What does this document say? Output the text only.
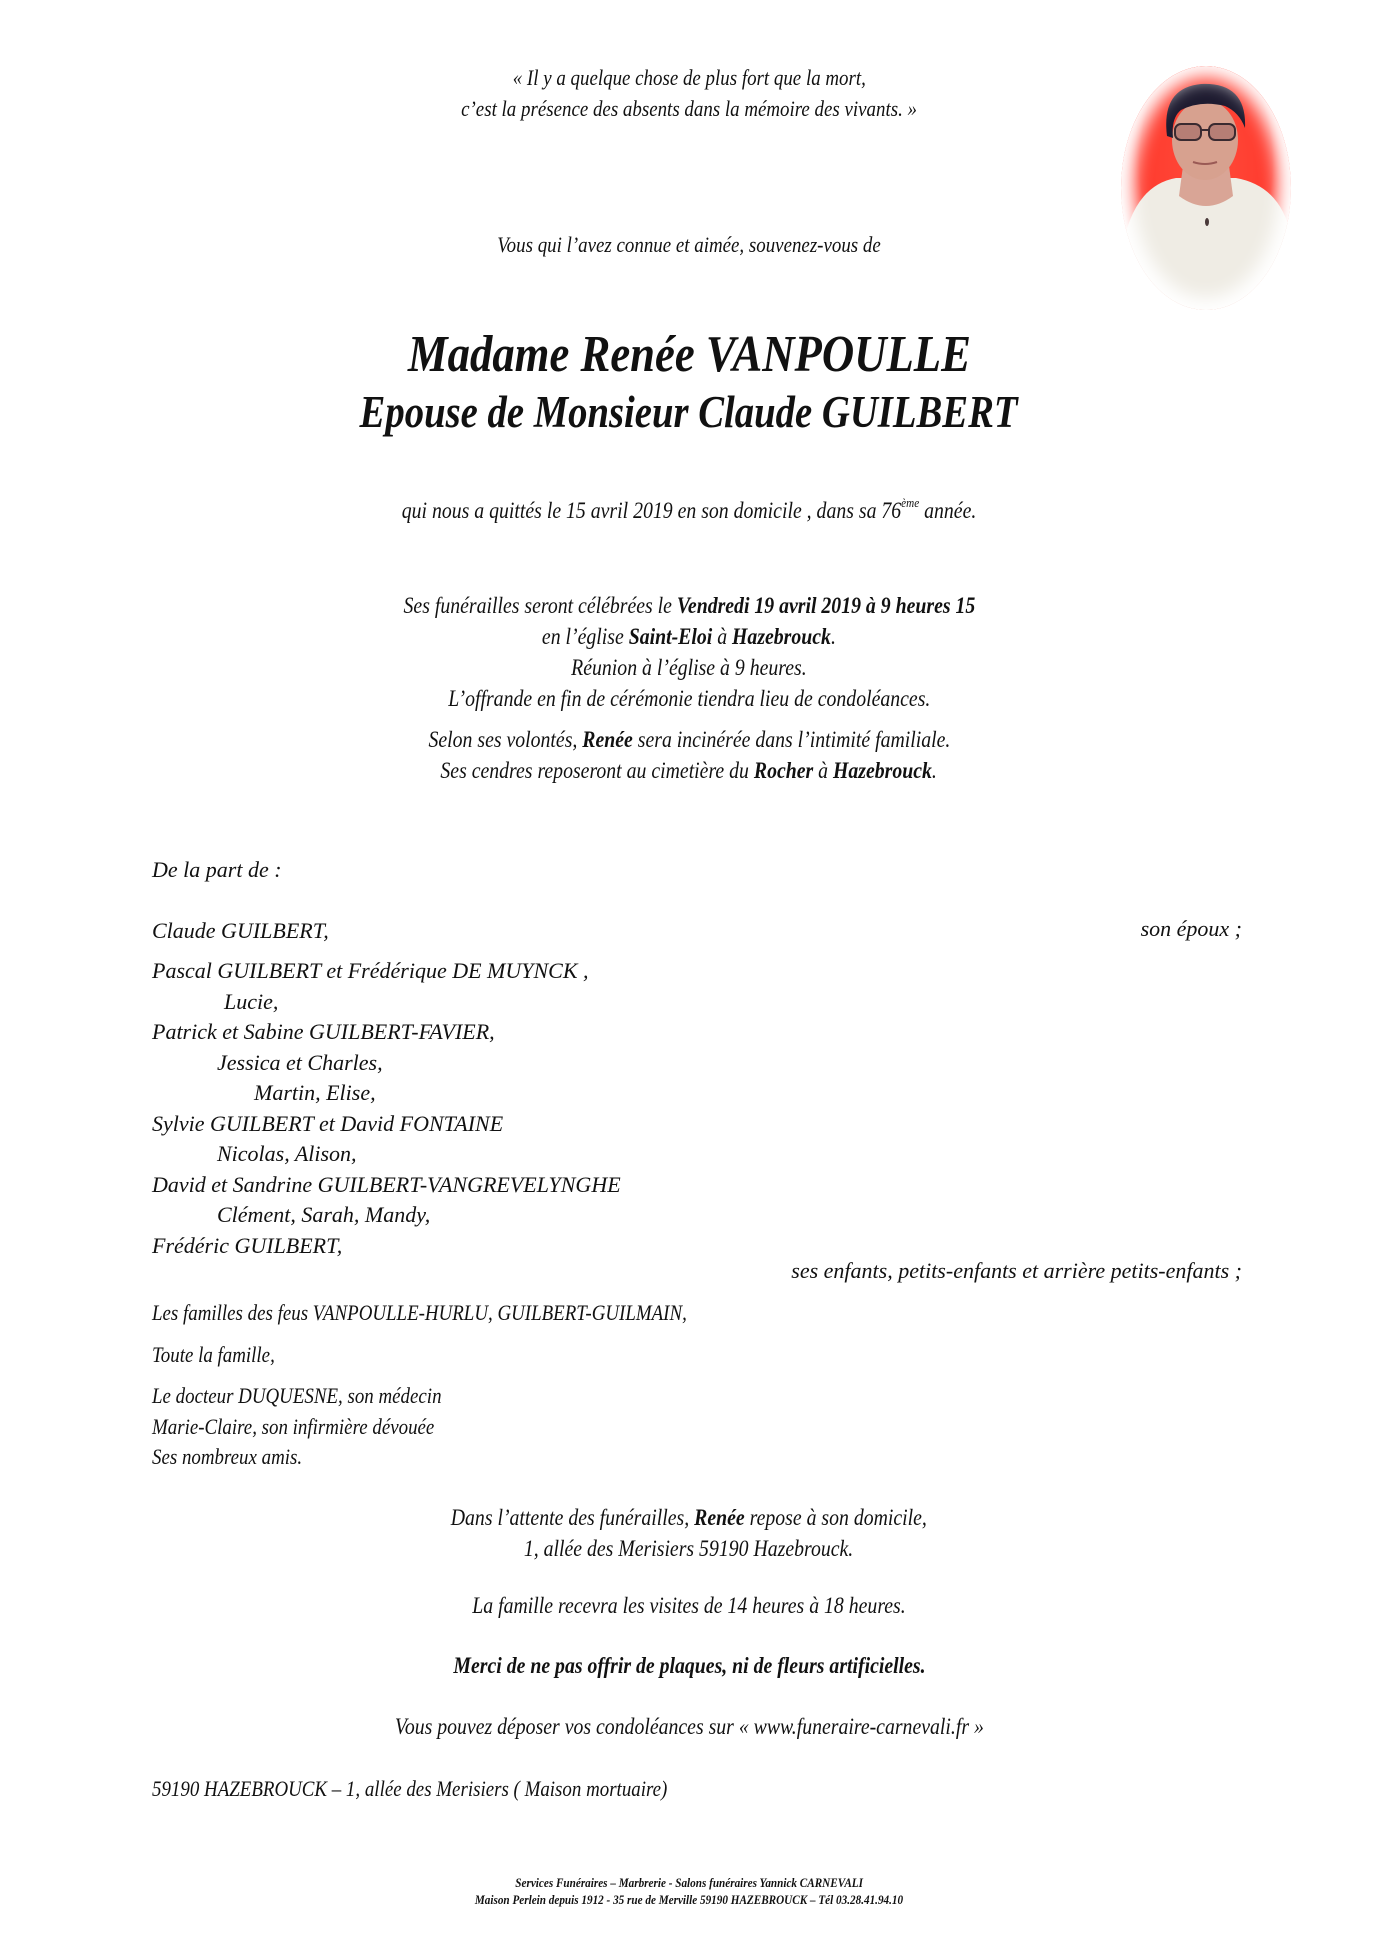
« Il y a quelque chose de plus fort que la mort,
c’est la présence des absents dans la mémoire des vivants. »
Vous qui l’avez connue et aimée, souvenez-vous de
Madame Renée VANPOULLE
Epouse de Monsieur Claude GUILBERT
qui nous a quittés le 15 avril 2019 en son domicile , dans sa 76ème année.
Ses funérailles seront célébrées le Vendredi 19 avril 2019 à 9 heures 15
en l’église Saint-Eloi à Hazebrouck.
Réunion à l’église à 9 heures.
L’offrande en fin de cérémonie tiendra lieu de condoléances.
Selon ses volontés, Renée sera incinérée dans l’intimité familiale.
Ses cendres reposeront au cimetière du Rocher à Hazebrouck.
De la part de :
Claude GUILBERT,	son époux ;
Pascal GUILBERT et Frédérique DE MUYNCK ,
Lucie,
Patrick et Sabine GUILBERT-FAVIER,
Jessica et Charles,
Martin, Elise,
Sylvie GUILBERT et David FONTAINE
Nicolas, Alison,
David et Sandrine GUILBERT-VANGREVELYNGHE
Clément, Sarah, Mandy,
Frédéric GUILBERT,
ses enfants, petits-enfants et arrière petits-enfants ;
Les familles des feus VANPOULLE-HURLU, GUILBERT-GUILMAIN,
Toute la famille,
Le docteur DUQUESNE, son médecin
Marie-Claire, son infirmière dévouée
Ses nombreux amis.
Dans l’attente des funérailles, Renée repose à son domicile,
1, allée des Merisiers 59190 Hazebrouck.
La famille recevra les visites de 14 heures à 18 heures.
Merci de ne pas offrir de plaques, ni de fleurs artificielles.
Vous pouvez déposer vos condoléances sur « www.funeraire-carnevali.fr »
59190 HAZEBROUCK – 1, allée des Merisiers ( Maison mortuaire)
Services Funéraires – Marbrerie - Salons funéraires Yannick CARNEVALI
Maison Perlein depuis 1912 - 35 rue de Merville 59190 HAZEBROUCK – Tél 03.28.41.94.10
